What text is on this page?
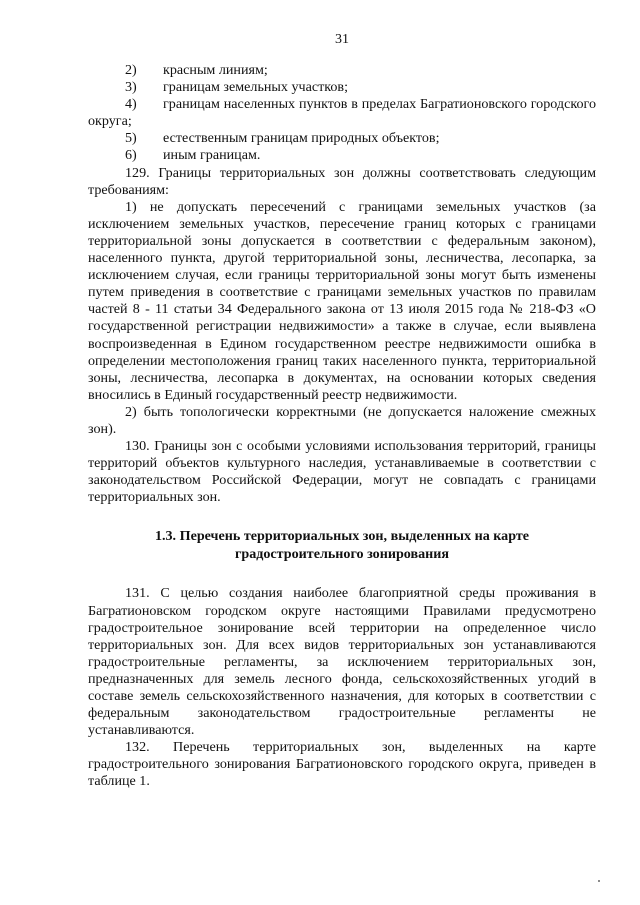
31
2)	красным линиям;
3)	границам земельных участков;

4) границам населенных пунктов в пределах Багратионовского городского округа;

5)	естественным границам природных объектов;
6)	иным границам.

129. Границы территориальных зон должны соответствовать следующим требованиям:

1) не допускать пересечений с границами земельных участков (за исключением земельных участков, пересечение границ которых с границами территориальной зоны допускается в соответствии с федеральным законом), населенного пункта, другой территориальной зоны, лесничества, лесопарка, за исключением случая, если границы территориальной зоны могут быть изменены путем приведения в соответствие с границами земельных участков по правилам частей 8 - 11 статьи 34 Федерального закона от 13 июля 2015 года № 218-ФЗ «О государственной регистрации недвижимости» а также в случае, если выявлена воспроизведенная в Едином государственном реестре недвижимости ошибка в определении местоположения границ таких населенного пункта, территориальной зоны, лесничества, лесопарка в документах, на основании которых сведения вносились в Единый государственный реестр недвижимости.

2) быть топологически корректными (не допускается наложение смежных зон).

130. Границы зон с особыми условиями использования территорий, границы территорий объектов культурного наследия, устанавливаемые в соответствии с законодательством Российской Федерации, могут не совпадать с границами территориальных зон.

1.3. Перечень территориальных зон, выделенных на карте
градостроительного зонирования

131. С целью создания наиболее благоприятной среды проживания в Багратионовском городском округе настоящими Правилами предусмотрено градостроительное зонирование всей территории на определенное число территориальных зон. Для всех видов территориальных зон устанавливаются градостроительные регламенты, за исключением территориальных зон, предназначенных для земель лесного фонда, сельскохозяйственных угодий в составе земель сельскохозяйственного назначения, для которых в соответствии с федеральным законодательством градостроительные регламенты не устанавливаются.

132. Перечень территориальных зон, выделенных на карте градостроительного зонирования Багратионовского городского округа, приведен в таблице 1.
